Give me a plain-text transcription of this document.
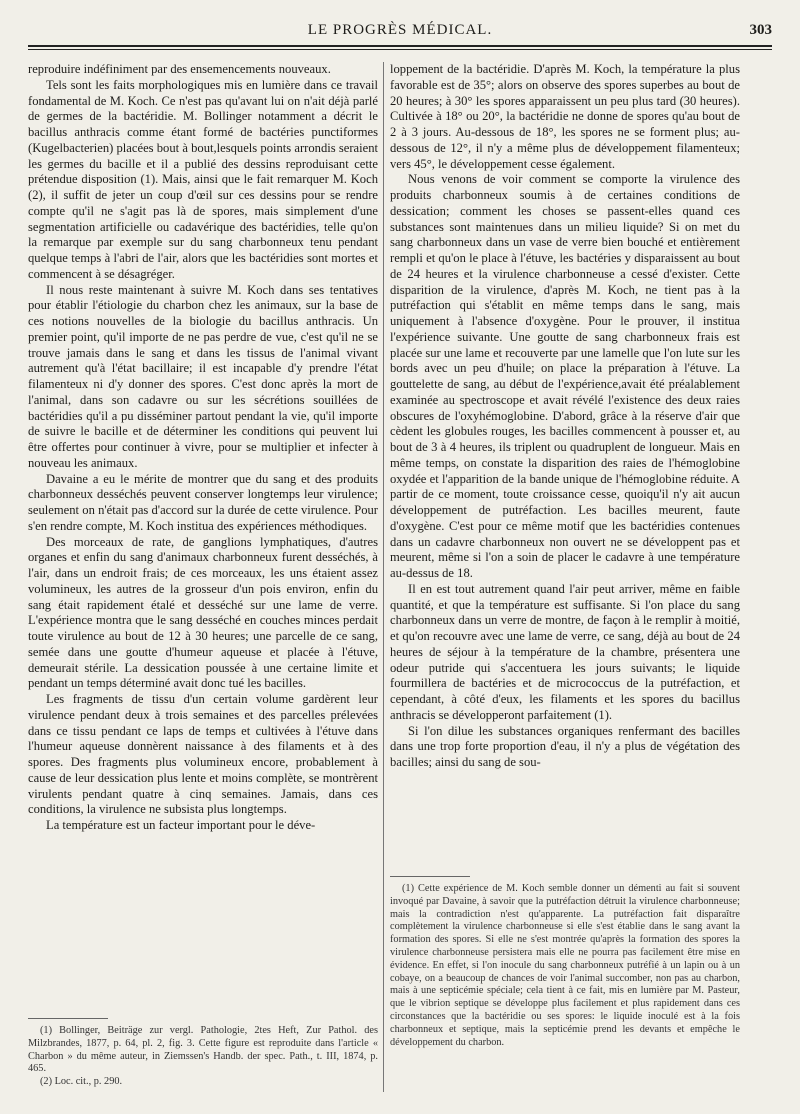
LE PROGRÈS MÉDICAL.	303

reproduire indéfiniment par des ensemencements nouveaux.

Tels sont les faits morphologiques mis en lumière dans ce travail fondamental de M. Koch. Ce n'est pas qu'avant lui on n'ait déjà parlé de germes de la bactéridie. M. Bollinger notamment a décrit le bacillus anthracis comme étant formé de bactéries punctiformes (Kugelbacterien) placées bout à bout,lesquels points arrondis seraient les germes du bacille et il a publié des dessins reproduisant cette prétendue disposition (1). Mais, ainsi que le fait remarquer M. Koch (2), il suffit de jeter un coup d'œil sur ces dessins pour se rendre compte qu'il ne s'agit pas là de spores, mais simplement d'une segmentation artificielle ou cadavérique des bactéridies, telle qu'on la remarque par exemple sur du sang charbonneux tenu pendant quelque temps à l'abri de l'air, alors que les bactéridies sont mortes et commencent à se désagréger.

Il nous reste maintenant à suivre M. Koch dans ses tentatives pour établir l'étiologie du charbon chez les animaux, sur la base de ces notions nouvelles de la biologie du bacillus anthracis. Un premier point, qu'il importe de ne pas perdre de vue, c'est qu'il ne se trouve jamais dans le sang et dans les tissus de l'animal vivant autrement qu'à l'état bacillaire; il est incapable d'y prendre l'état filamenteux ni d'y donner des spores. C'est donc après la mort de l'animal, dans son cadavre ou sur les sécrétions souillées de bactéridies qu'il a pu disséminer partout pendant la vie, qu'il importe de suivre le bacille et de déterminer les conditions qui peuvent lui être offertes pour continuer à vivre, pour se multiplier et infecter à nouveau les animaux.

Davaine a eu le mérite de montrer que du sang et des produits charbonneux desséchés peuvent conserver longtemps leur virulence; seulement on n'était pas d'accord sur la durée de cette virulence. Pour s'en rendre compte, M. Koch institua des expériences méthodiques.

Des morceaux de rate, de ganglions lymphatiques, d'autres organes et enfin du sang d'animaux charbonneux furent desséchés, à l'air, dans un endroit frais; de ces morceaux, les uns étaient assez volumineux, les autres de la grosseur d'un pois environ, enfin du sang était rapidement étalé et desséché sur une lame de verre. L'expérience montra que le sang desséché en couches minces perdait toute virulence au bout de 12 à 30 heures; une parcelle de ce sang, semée dans une goutte d'humeur aqueuse et placée à l'étuve, demeurait stérile. La dessication poussée à une certaine limite et pendant un temps déterminé avait donc tué les bacilles.

Les fragments de tissu d'un certain volume gardèrent leur virulence pendant deux à trois semaines et des parcelles prélevées dans ce tissu pendant ce laps de temps et cultivées à l'étuve dans l'humeur aqueuse donnèrent naissance à des filaments et à des spores. Des fragments plus volumineux encore, probablement à cause de leur dessication plus lente et moins complète, se montrèrent virulents pendant quatre à cinq semaines. Jamais, dans ces conditions, la virulence ne subsista plus longtemps.

La température est un facteur important pour le déve-

loppement de la bactéridie. D'après M. Koch, la température la plus favorable est de 35°; alors on observe des spores superbes au bout de 20 heures; à 30° les spores apparaissent un peu plus tard (30 heures). Cultivée à 18° ou 20°, la bactéridie ne donne de spores qu'au bout de 2 à 3 jours. Au-dessous de 18°, les spores ne se forment plus; au-dessous de 12°, il n'y a même plus de développement filamenteux; vers 45°, le développement cesse également.

Nous venons de voir comment se comporte la virulence des produits charbonneux soumis à de certaines conditions de dessication; comment les choses se passent-elles quand ces substances sont maintenues dans un milieu liquide? Si on met du sang charbonneux dans un vase de verre bien bouché et entièrement rempli et qu'on le place à l'étuve, les bactéries y disparaissent au bout de 24 heures et la virulence charbonneuse a cessé d'exister. Cette disparition de la virulence, d'après M. Koch, ne tient pas à la putréfaction qui s'établit en même temps dans le sang, mais uniquement à l'absence d'oxygène. Pour le prouver, il institua l'expérience suivante. Une goutte de sang charbonneux frais est placée sur une lame et recouverte par une lamelle que l'on lute sur les bords avec un peu d'huile; on place la préparation à l'étuve. La gouttelette de sang, au début de l'expérience,avait été préalablement examinée au spectroscope et avait révélé l'existence des deux raies obscures de l'oxyhémoglobine. D'abord, grâce à la réserve d'air que cèdent les globules rouges, les bacilles commencent à pousser et, au bout de 3 à 4 heures, ils triplent ou quadruplent de longueur. Mais en même temps, on constate la disparition des raies de l'hémoglobine oxydée et l'apparition de la bande unique de l'hémoglobine réduite. A partir de ce moment, toute croissance cesse, quoiqu'il n'y ait aucun développement de putréfaction. Les bacilles meurent, faute d'oxygène. C'est pour ce même motif que les bactéridies contenues dans un cadavre charbonneux non ouvert ne se développent pas et meurent, même si l'on a soin de placer le cadavre à une température au-dessus de 18.

Il en est tout autrement quand l'air peut arriver, même en faible quantité, et que la température est suffisante. Si l'on place du sang charbonneux dans un verre de montre, de façon à le remplir à moitié, et qu'on recouvre avec une lame de verre, ce sang, déjà au bout de 24 heures de séjour à la température de la chambre, présentera une odeur putride qui s'accentuera les jours suivants; le liquide fourmillera de bactéries et de micrococcus de la putréfaction, et cependant, à côté d'eux, les filaments et les spores du bacillus anthracis se développeront parfaitement (1).

Si l'on dilue les substances organiques renfermant des bacilles dans une trop forte proportion d'eau, il n'y a plus de végétation des bacilles; ainsi du sang de sou-

(1) Bollinger, Beiträge zur vergl. Pathologie, 2tes Heft, Zur Pathol. des Milzbrandes, 1877, p. 64, pl. 2, fig. 3. Cette figure est reproduite dans l'article « Charbon » du même auteur, in Ziemssen's Handb. der spec. Path., t. III, 1874, p. 465.

(2) Loc. cit., p. 290.

(1) Cette expérience de M. Koch semble donner un démenti au fait si souvent invoqué par Davaine, à savoir que la putréfaction détruit la virulence charbonneuse; mais la contradiction n'est qu'apparente. La putréfaction fait disparaître complètement la virulence charbonneuse si elle s'est établie dans le sang avant la formation des spores. Si elle ne s'est montrée qu'après la formation des spores la virulence charbonneuse persistera mais elle ne pourra pas facilement être mise en évidence. En effet, si l'on inocule du sang charbonneux putréfié à un lapin ou à un cobaye, on a beaucoup de chances de voir l'animal succomber, non pas au charbon, mais à une septicémie spéciale; cela tient à ce fait, mis en lumière par M. Pasteur, que le vibrion septique se développe plus facilement et plus rapidement dans ces circonstances que la bactéridie ou ses spores: le liquide inoculé est à la fois charbonneux et septique, mais la septicémie prend les devants et empêche le développement du charbon.
